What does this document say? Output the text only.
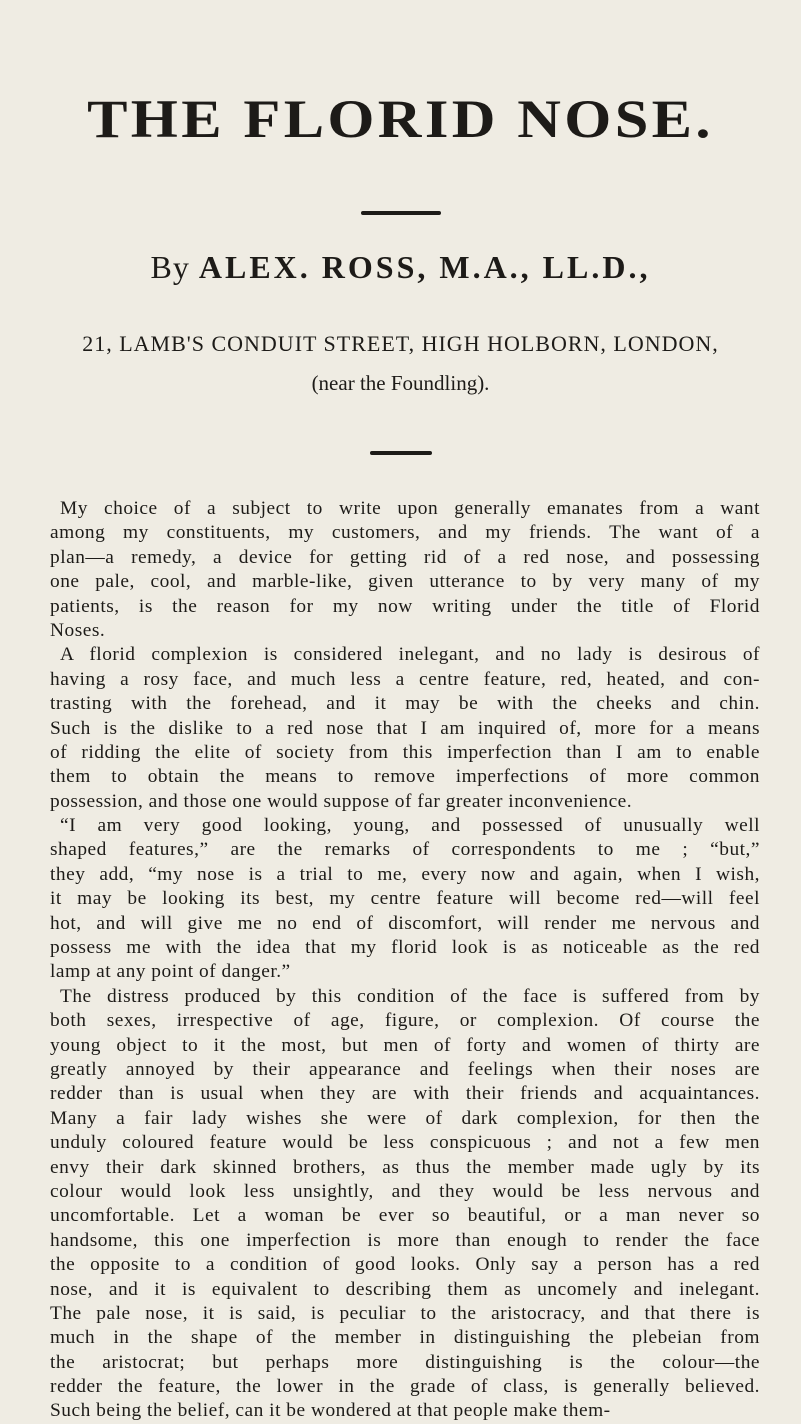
THE FLORID NOSE.
By ALEX. ROSS, M.A., LL.D.,
21, LAMB'S CONDUIT STREET, HIGH HOLBORN, LONDON,
(near the Foundling).
My choice of a subject to write upon generally emanates from a want
among my constituents, my customers, and my friends. The want of a
plan—a remedy, a device for getting rid of a red nose, and possessing
one pale, cool, and marble-like, given utterance to by very many of my
patients, is the reason for my now writing under the title of Florid
Noses.
A florid complexion is considered inelegant, and no lady is desirous of
having a rosy face, and much less a centre feature, red, heated, and con-
trasting with the forehead, and it may be with the cheeks and chin.
Such is the dislike to a red nose that I am inquired of, more for a means
of ridding the elite of society from this imperfection than I am to enable
them to obtain the means to remove imperfections of more common
possession, and those one would suppose of far greater inconvenience.
“I am very good looking, young, and possessed of unusually well
shaped features,” are the remarks of correspondents to me ; “but,”
they add, “my nose is a trial to me, every now and again, when I wish,
it may be looking its best, my centre feature will become red—will feel
hot, and will give me no end of discomfort, will render me nervous and
possess me with the idea that my florid look is as noticeable as the red
lamp at any point of danger.”
The distress produced by this condition of the face is suffered from by
both sexes, irrespective of age, figure, or complexion. Of course the
young object to it the most, but men of forty and women of thirty are
greatly annoyed by their appearance and feelings when their noses are
redder than is usual when they are with their friends and acquaintances.
Many a fair lady wishes she were of dark complexion, for then the
unduly coloured feature would be less conspicuous ; and not a few men
envy their dark skinned brothers, as thus the member made ugly by its
colour would look less unsightly, and they would be less nervous and
uncomfortable. Let a woman be ever so beautiful, or a man never so
handsome, this one imperfection is more than enough to render the face
the opposite to a condition of good looks. Only say a person has a red
nose, and it is equivalent to describing them as uncomely and inelegant.
The pale nose, it is said, is peculiar to the aristocracy, and that there is
much in the shape of the member in distinguishing the plebeian from
the aristocrat; but perhaps more distinguishing is the colour—the
redder the feature, the lower in the grade of class, is generally believed.
Such being the belief, can it be wondered at that people make them-
